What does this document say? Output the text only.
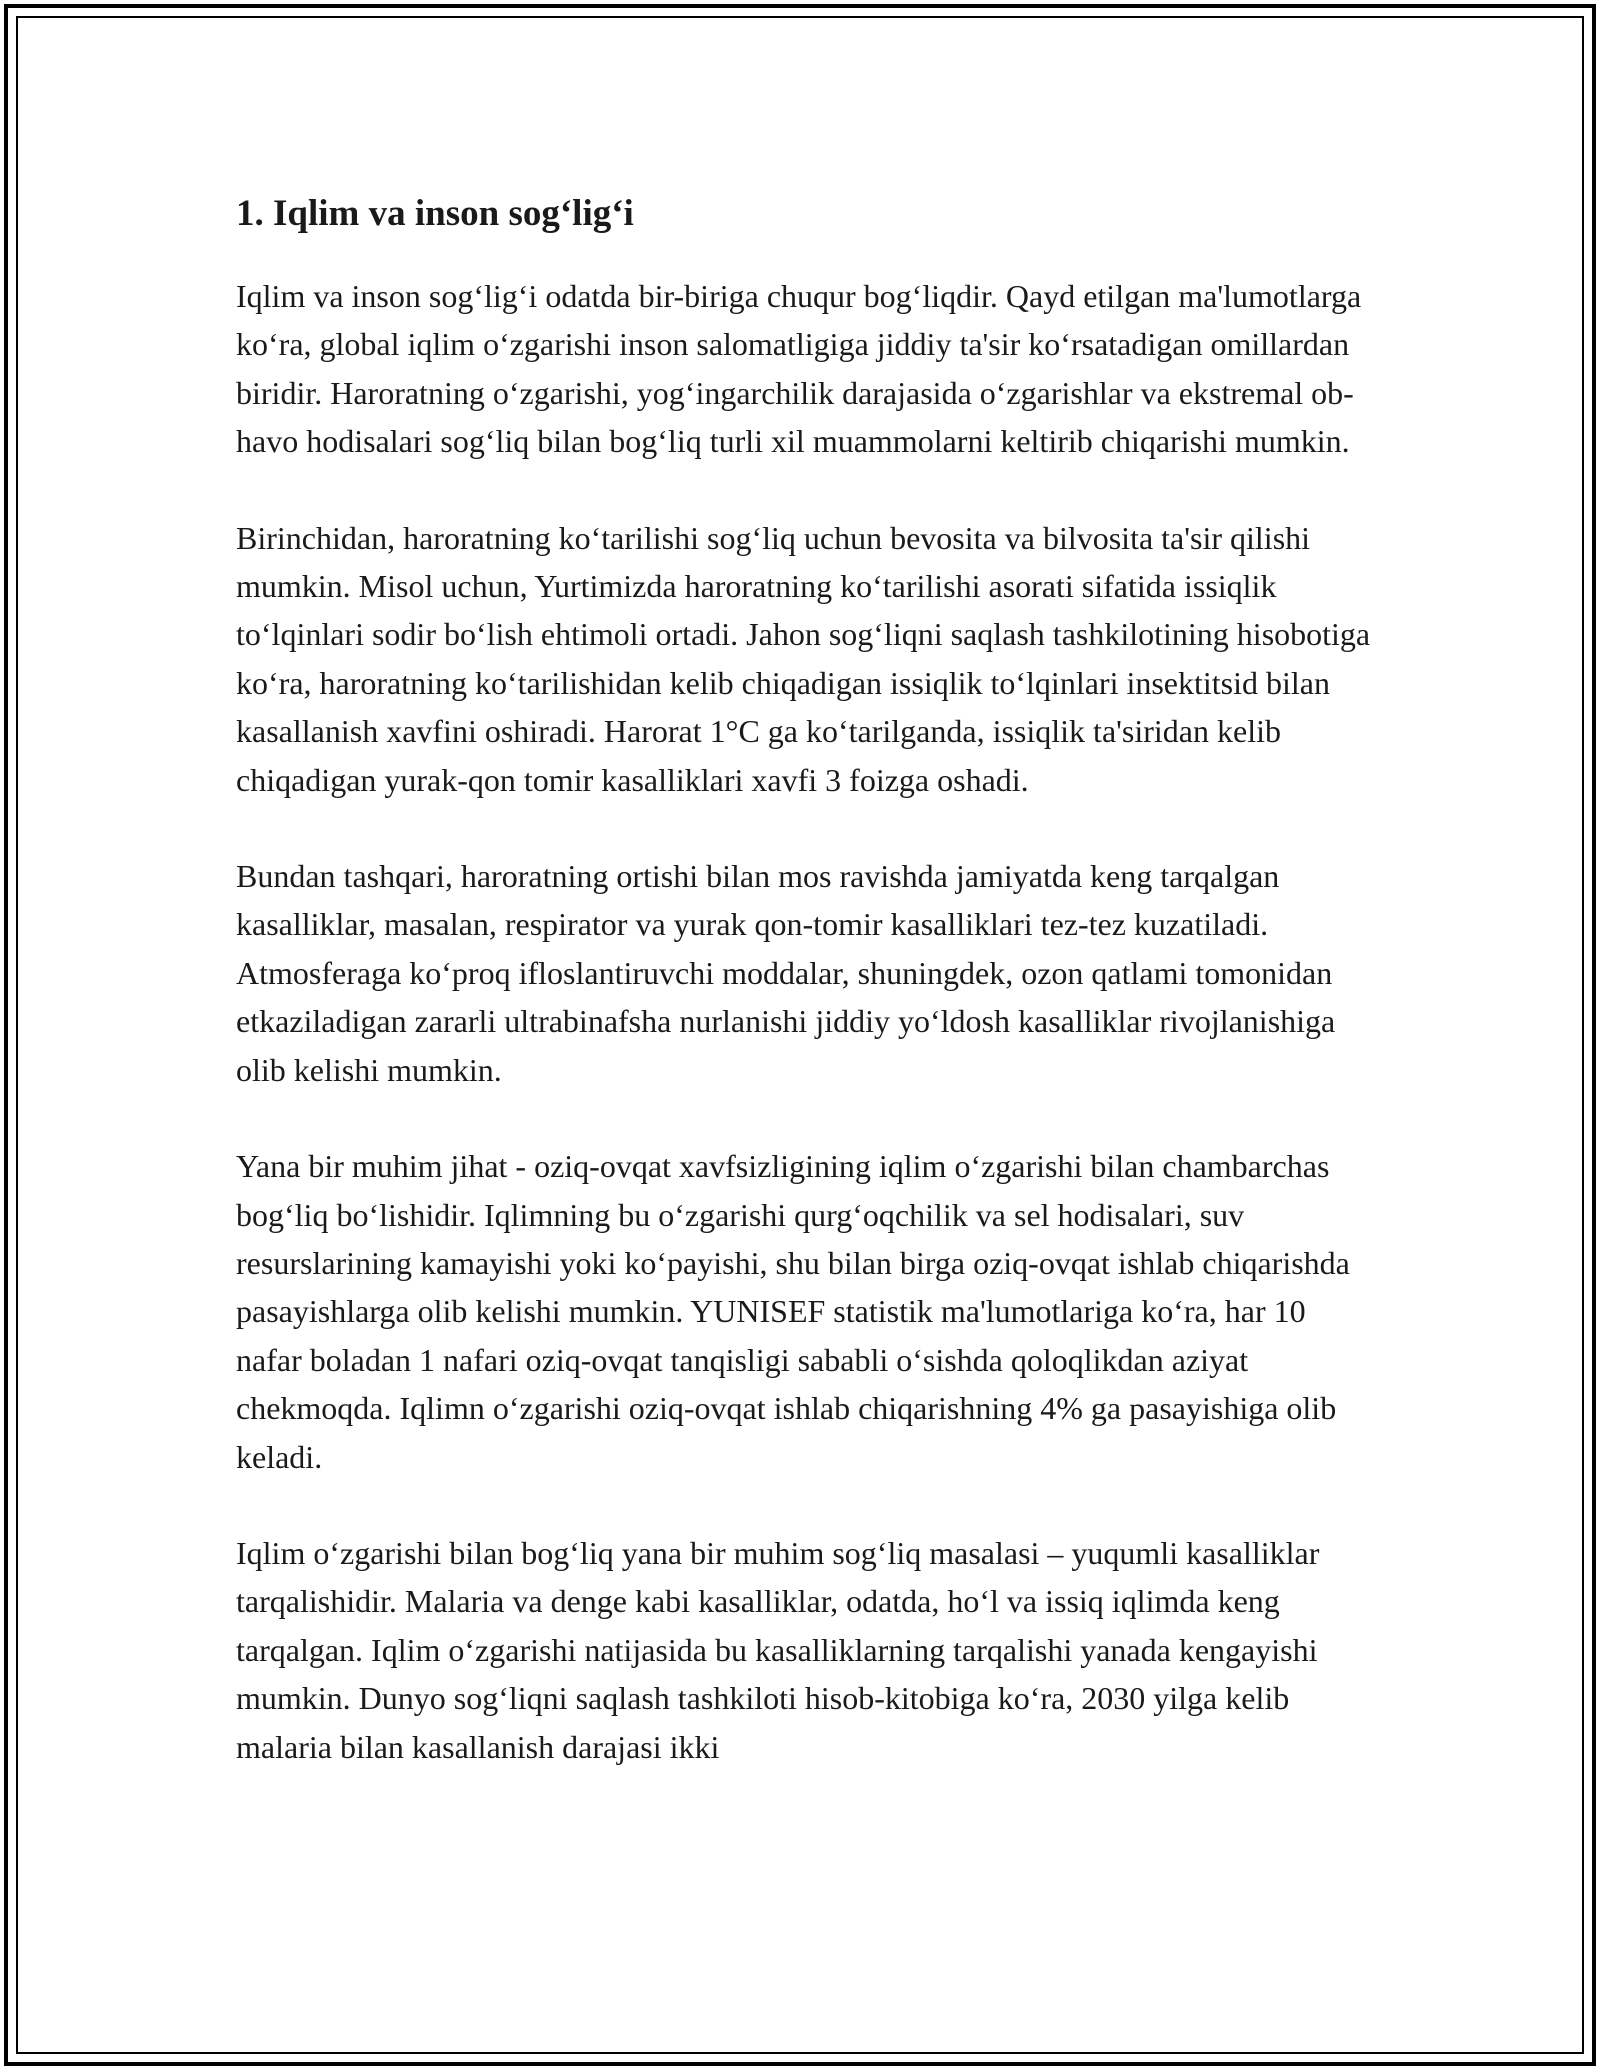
1. Iqlim va inson sog‘lig‘i

Iqlim va inson sog‘lig‘i odatda bir-biriga chuqur bog‘liqdir. Qayd etilgan ma'lumotlarga ko‘ra, global iqlim o‘zgarishi inson salomatligiga jiddiy ta'sir ko‘rsatadigan omillardan biridir. Haroratning o‘zgarishi, yog‘ingarchilik darajasida o‘zgarishlar va ekstremal ob-havo hodisalari sog‘liq bilan bog‘liq turli xil muammolarni keltirib chiqarishi mumkin.

Birinchidan, haroratning ko‘tarilishi sog‘liq uchun bevosita va bilvosita ta'sir qilishi mumkin. Misol uchun, Yurtimizda haroratning ko‘tarilishi asorati sifatida issiqlik to‘lqinlari sodir bo‘lish ehtimoli ortadi. Jahon sog‘liqni saqlash tashkilotining hisobotiga ko‘ra, haroratning ko‘tarilishidan kelib chiqadigan issiqlik to‘lqinlari insektitsid bilan kasallanish xavfini oshiradi. Harorat 1°C ga ko‘tarilganda, issiqlik ta'siridan kelib chiqadigan yurak-qon tomir kasalliklari xavfi 3 foizga oshadi.

Bundan tashqari, haroratning ortishi bilan mos ravishda jamiyatda keng tarqalgan kasalliklar, masalan, respirator va yurak qon-tomir kasalliklari tez-tez kuzatiladi. Atmosferaga ko‘proq ifloslantiruvchi moddalar, shuningdek, ozon qatlami tomonidan etkaziladigan zararli ultrabinafsha nurlanishi jiddiy yo‘ldosh kasalliklar rivojlanishiga olib kelishi mumkin.

Yana bir muhim jihat - oziq-ovqat xavfsizligining iqlim o‘zgarishi bilan chambarchas bog‘liq bo‘lishidir. Iqlimning bu o‘zgarishi qurg‘oqchilik va sel hodisalari, suv resurslarining kamayishi yoki ko‘payishi, shu bilan birga oziq-ovqat ishlab chiqarishda pasayishlarga olib kelishi mumkin. YUNISEF statistik ma'lumotlariga ko‘ra, har 10 nafar boladan 1 nafari oziq-ovqat tanqisligi sababli o‘sishda qoloqlikdan aziyat chekmoqda. Iqlimn o‘zgarishi oziq-ovqat ishlab chiqarishning 4% ga pasayishiga olib keladi.

Iqlim o‘zgarishi bilan bog‘liq yana bir muhim sog‘liq masalasi – yuqumli kasalliklar tarqalishidir. Malaria va denge kabi kasalliklar, odatda, ho‘l va issiq iqlimda keng tarqalgan. Iqlim o‘zgarishi natijasida bu kasalliklarning tarqalishi yanada kengayishi mumkin. Dunyo sog‘liqni saqlash tashkiloti hisob-kitobiga ko‘ra, 2030 yilga kelib malaria bilan kasallanish darajasi ikki
